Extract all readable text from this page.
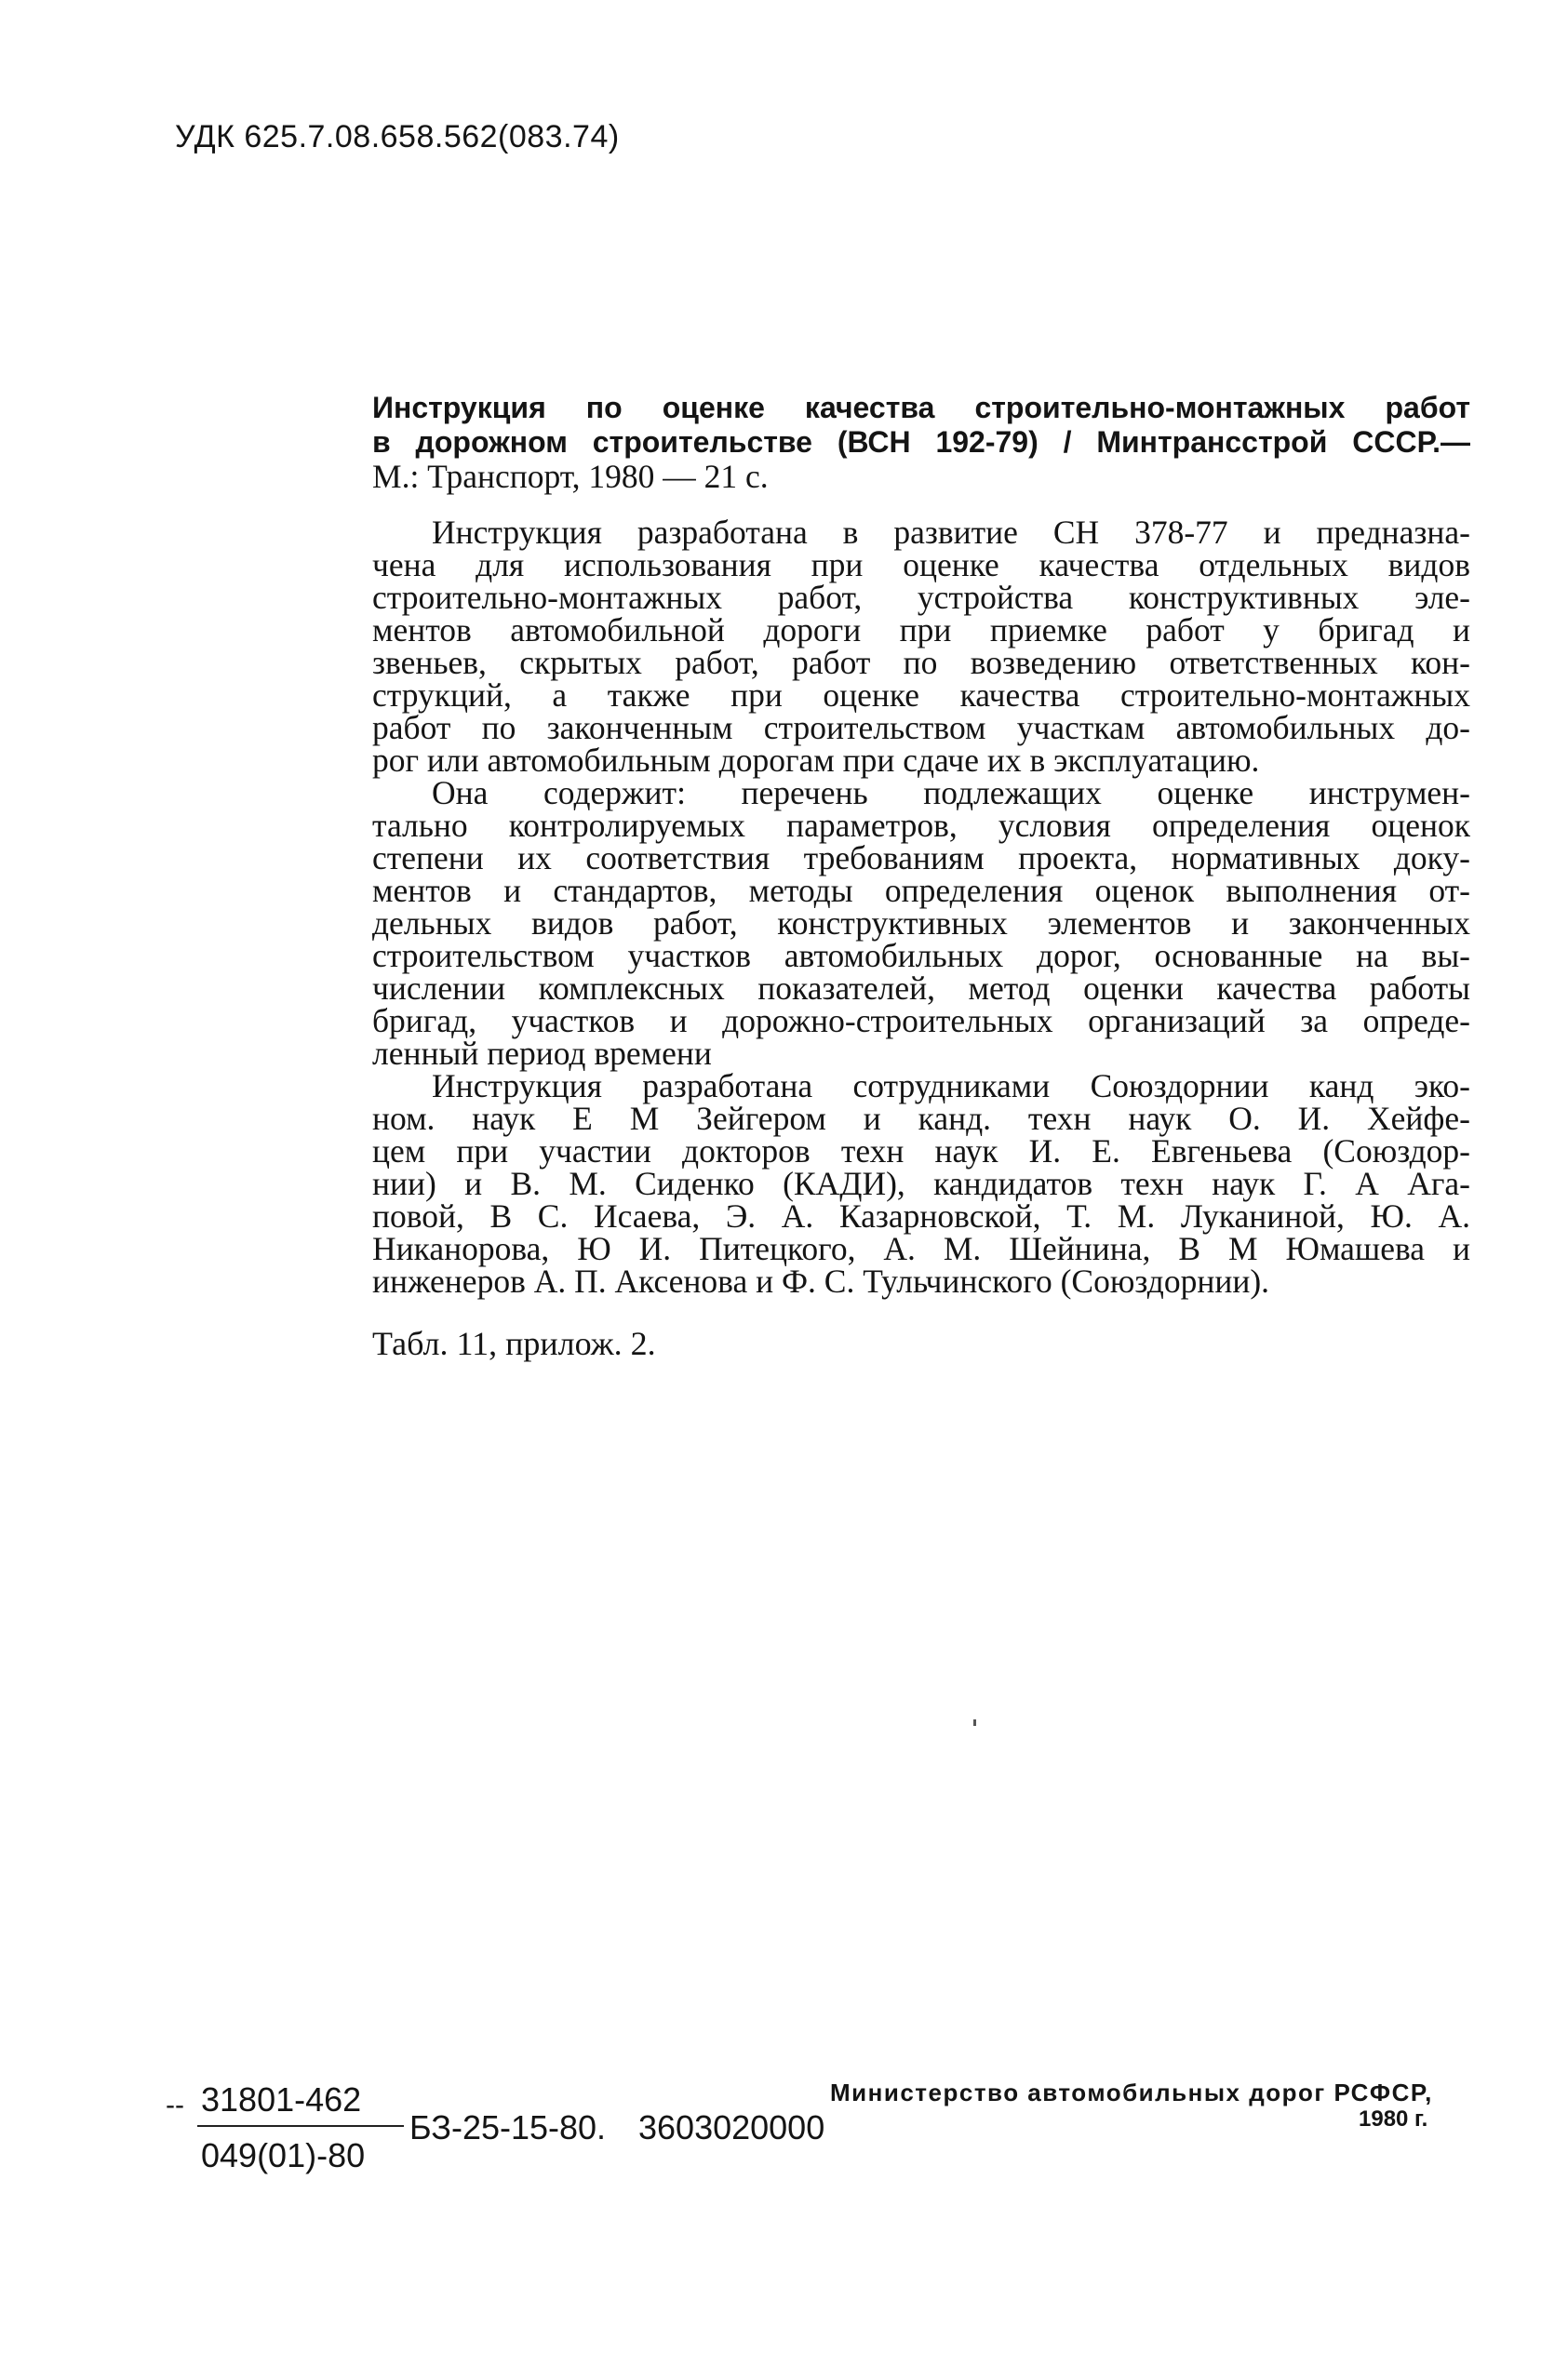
УДК 625.7.08.658.562(083.74)
Инструкция по оценке качества строительно-монтажных работ
в дорожном строительстве (ВСН 192-79) / Минтрансстрой СССР.—
М.: Транспорт, 1980 — 21 с.
Инструкция разработана в развитие СН 378-77 и предназна-
чена для использования при оценке качества отдельных видов
строительно-монтажных работ, устройства конструктивных эле-
ментов автомобильной дороги при приемке работ у бригад и
звеньев, скрытых работ, работ по возведению ответственных кон-
струкций, а также при оценке качества строительно-монтажных
работ по законченным строительством участкам автомобильных до-
рог или автомобильным дорогам при сдаче их в эксплуатацию.
Она содержит: перечень подлежащих оценке инструмен-
тально контролируемых параметров, условия определения оценок
степени их соответствия требованиям проекта, нормативных доку-
ментов и стандартов, методы определения оценок выполнения от-
дельных видов работ, конструктивных элементов и законченных
строительством участков автомобильных дорог, основанные на вы-
числении комплексных показателей, метод оценки качества работы
бригад, участков и дорожно-строительных организаций за опреде-
ленный период времени
Инструкция разработана сотрудниками Союздорнии канд эко-
ном. наук Е М Зейгером и канд. техн наук О. И. Хейфе-
цем при участии докторов техн наук И. Е. Евгеньева (Союздор-
нии) и В. М. Сиденко (КАДИ), кандидатов техн наук Г. А Ага-
повой, В С. Исаева, Э. А. Казарновской, Т. М. Луканиной, Ю. А.
Никанорова, Ю И. Питецкого, А. М. Шейнина, В М Юмашева и
инженеров А. П. Аксенова и Ф. С. Тульчинского (Союздорнии).
Табл. 11, прилож. 2.
-- 31801-462
049(01)-80
БЗ-25-15-80. 3603020000
Министерство автомобильных дорог РСФСР,
1980 г.
